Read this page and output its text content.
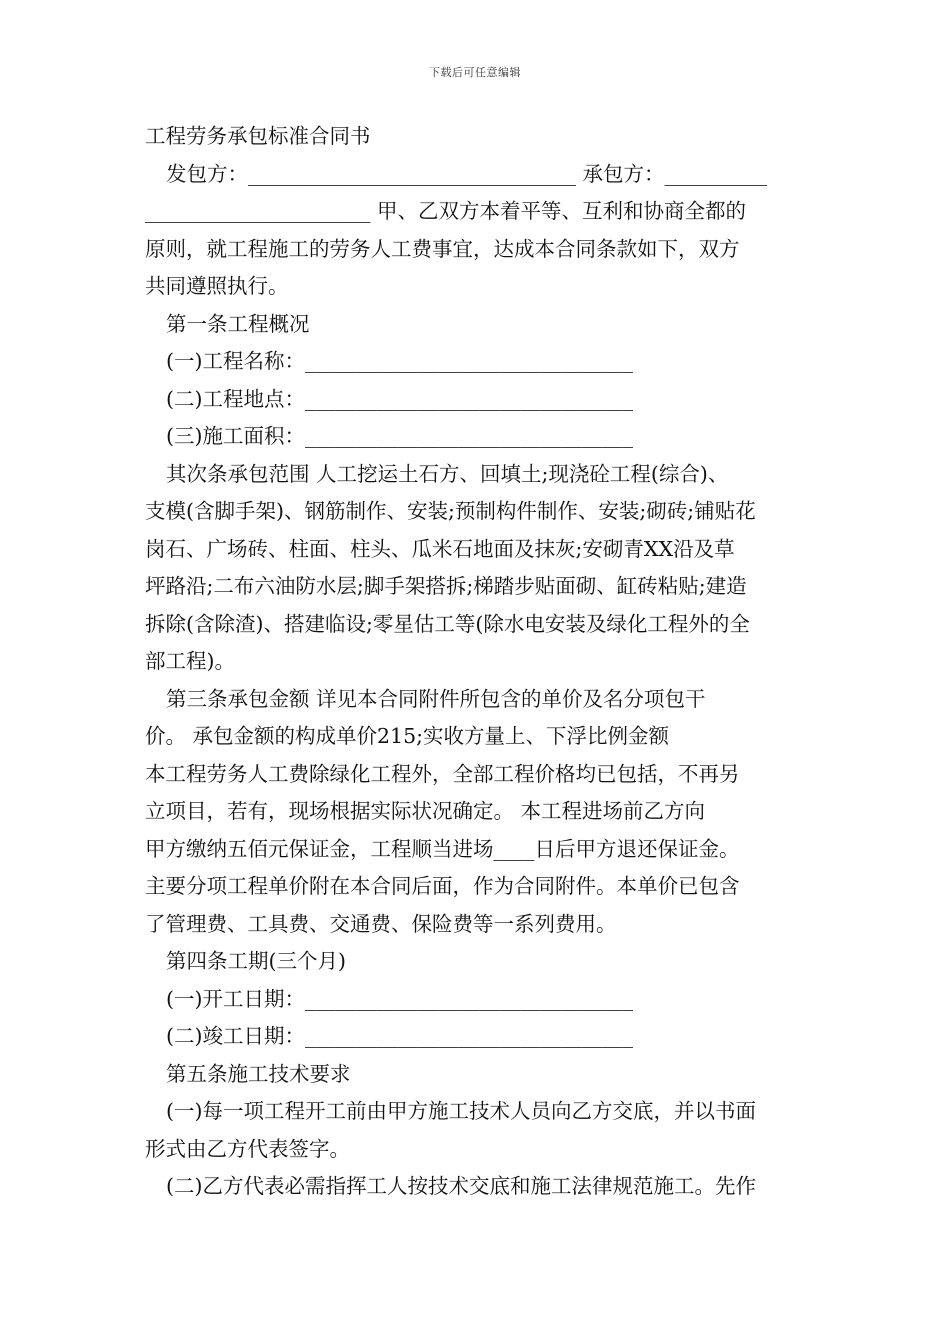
下载后可任意编辑
工程劳务承包标准合同书
发包方：________________________________ 承包方：__________
______________________ 甲、乙双方本着平等、互利和协商全都的
原则，就工程施工的劳务人工费事宜，达成本合同条款如下，双方
共同遵照执行。
第一条工程概况
(一)工程名称：________________________________
(二)工程地点：________________________________
(三)施工面积：________________________________
其次条承包范围 人工挖运土石方、回填土;现浇砼工程(综合)、
支模(含脚手架)、钢筋制作、安装;预制构件制作、安装;砌砖;铺贴花
岗石、广场砖、柱面、柱头、瓜米石地面及抹灰;安砌青XX沿及草
坪路沿;二布六油防水层;脚手架搭拆;梯踏步贴面砌、缸砖粘贴;建造
拆除(含除渣)、搭建临设;零星估工等(除水电安装及绿化工程外的全
部工程)。
第三条承包金额 详见本合同附件所包含的单价及名分项包干
价。 承包金额的构成单价215;实收方量上、下浮比例金额
本工程劳务人工费除绿化工程外，全部工程价格均已包括，不再另
立项目，若有，现场根据实际状况确定。 本工程进场前乙方向
甲方缴纳五佰元保证金，工程顺当进场____日后甲方退还保证金。
主要分项工程单价附在本合同后面，作为合同附件。本单价已包含
了管理费、工具费、交通费、保险费等一系列费用。
第四条工期(三个月)
(一)开工日期：________________________________
(二)竣工日期：________________________________
第五条施工技术要求
(一)每一项工程开工前由甲方施工技术人员向乙方交底，并以书面
形式由乙方代表签字。
(二)乙方代表必需指挥工人按技术交底和施工法律规范施工。先作
